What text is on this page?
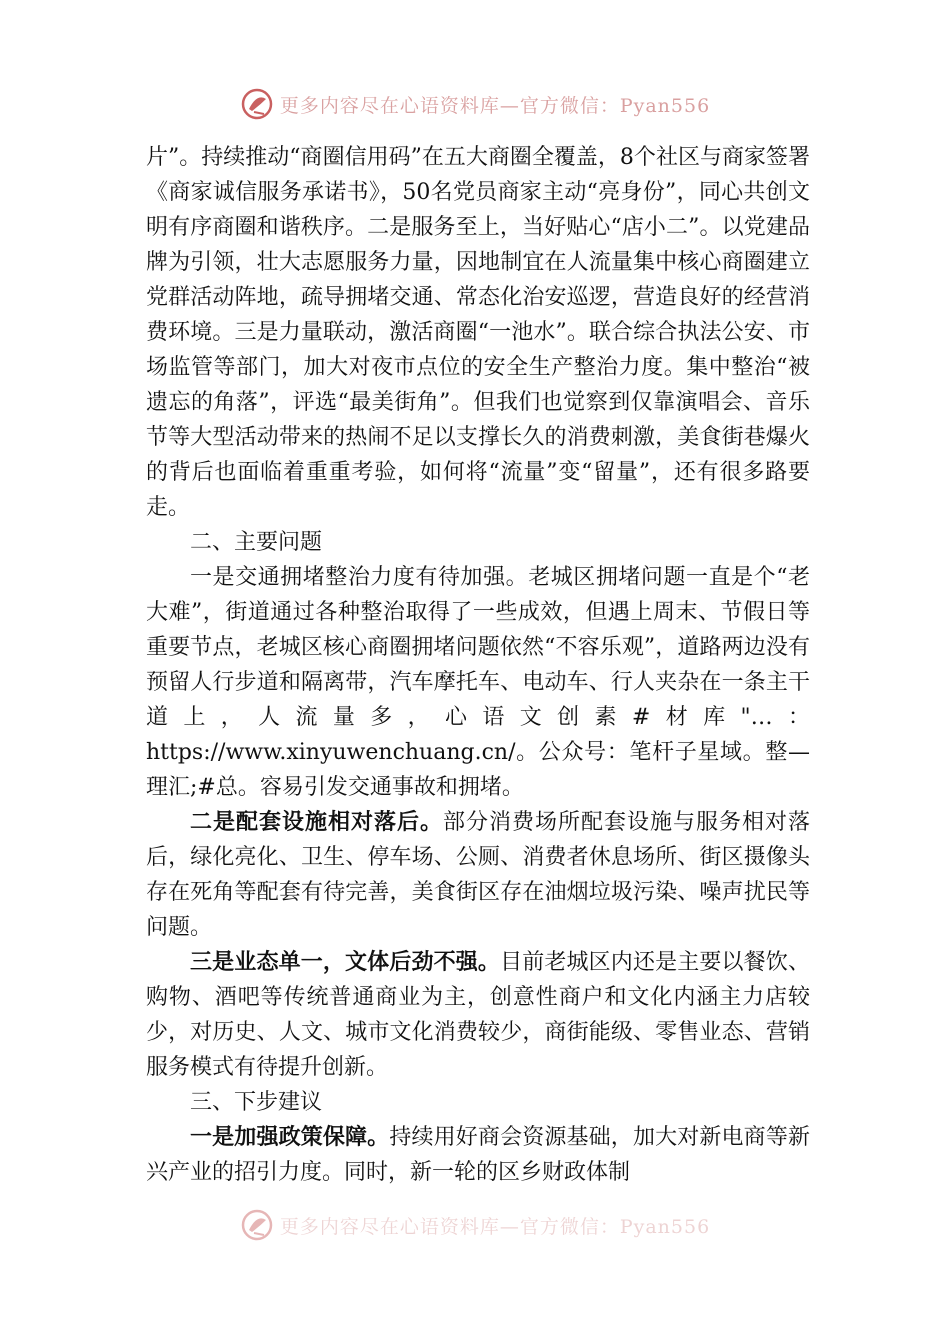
更多内容尽在心语资料库—官方微信：Pyan556

片”。持续推动“商圈信用码”在五大商圈全覆盖，8个社区与商家签署《商家诚信服务承诺书》，50名党员商家主动“亮身份”，同心共创文明有序商圈和谐秩序。二是服务至上，当好贴心“店小二”。以党建品牌为引领，壮大志愿服务力量，因地制宜在人流量集中核心商圈建立党群活动阵地，疏导拥堵交通、常态化治安巡逻，营造良好的经营消费环境。三是力量联动，激活商圈“一池水”。联合综合执法公安、市场监管等部门，加大对夜市点位的安全生产整治力度。集中整治“被遗忘的角落”，评选“最美街角”。但我们也觉察到仅靠演唱会、音乐节等大型活动带来的热闹不足以支撑长久的消费刺激，美食街巷爆火的背后也面临着重重考验，如何将“流量”变“留量”，还有很多路要走。

二、主要问题

一是交通拥堵整治力度有待加强。老城区拥堵问题一直是个“老大难”，街道通过各种整治取得了一些成效，但遇上周末、节假日等重要节点，老城区核心商圈拥堵问题依然“不容乐观”，道路两边没有预留人行步道和隔离带，汽车摩托车、电动车、行人夹杂在一条主干道上，人流量多，心语文创素#材库"…：https://www.xinyuwenchuang.cn/。公众号：笔杆子星域。整—理汇;#总。容易引发交通事故和拥堵。

二是配套设施相对落后。部分消费场所配套设施与服务相对落后，绿化亮化、卫生、停车场、公厕、消费者休息场所、街区摄像头存在死角等配套有待完善，美食街区存在油烟垃圾污染、噪声扰民等问题。

三是业态单一，文体后劲不强。目前老城区内还是主要以餐饮、购物、酒吧等传统普通商业为主，创意性商户和文化内涵主力店较少，对历史、人文、城市文化消费较少，商街能级、零售业态、营销服务模式有待提升创新。

三、下步建议

一是加强政策保障。持续用好商会资源基础，加大对新电商等新兴产业的招引力度。同时，新一轮的区乡财政体制

更多内容尽在心语资料库—官方微信：Pyan556
